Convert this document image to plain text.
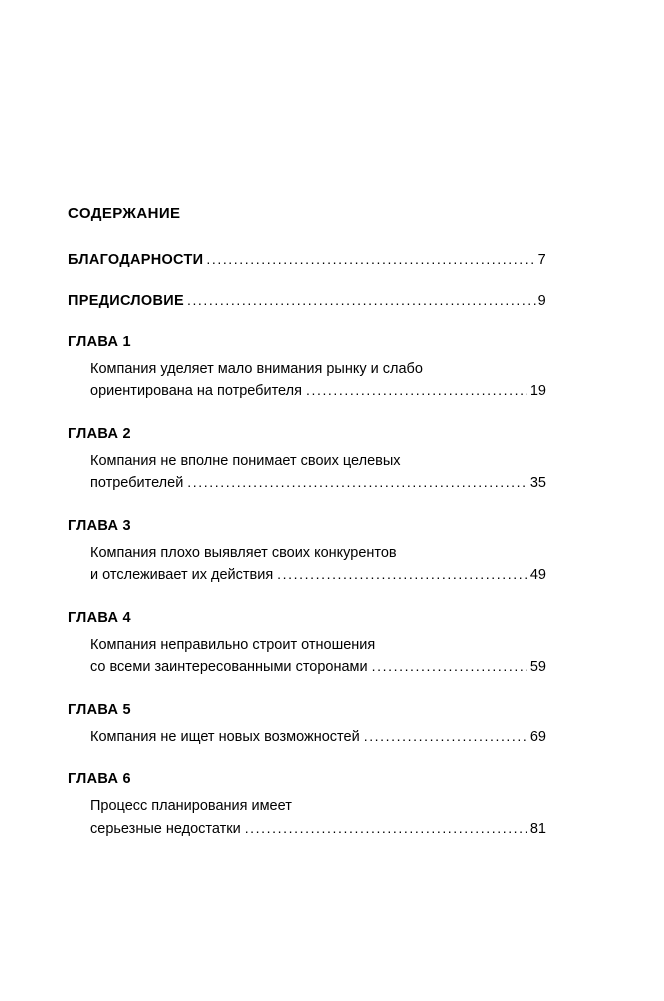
СОДЕРЖАНИЕ
БЛАГОДАРНОСТИ .....	7
ПРЕДИСЛОВИЕ .....	9
ГЛАВА 1
Компания уделяет мало внимания рынку и слабо
ориентирована на потребителя .....	19
ГЛАВА 2
Компания не вполне понимает своих целевых
потребителей .....	35
ГЛАВА 3
Компания плохо выявляет своих конкурентов
и отслеживает их действия .....	49
ГЛАВА 4
Компания неправильно строит отношения
со всеми заинтересованными сторонами .....	59
ГЛАВА 5
Компания не ищет новых возможностей .....	69
ГЛАВА 6
Процесс планирования имеет
серьезные недостатки .....	81
